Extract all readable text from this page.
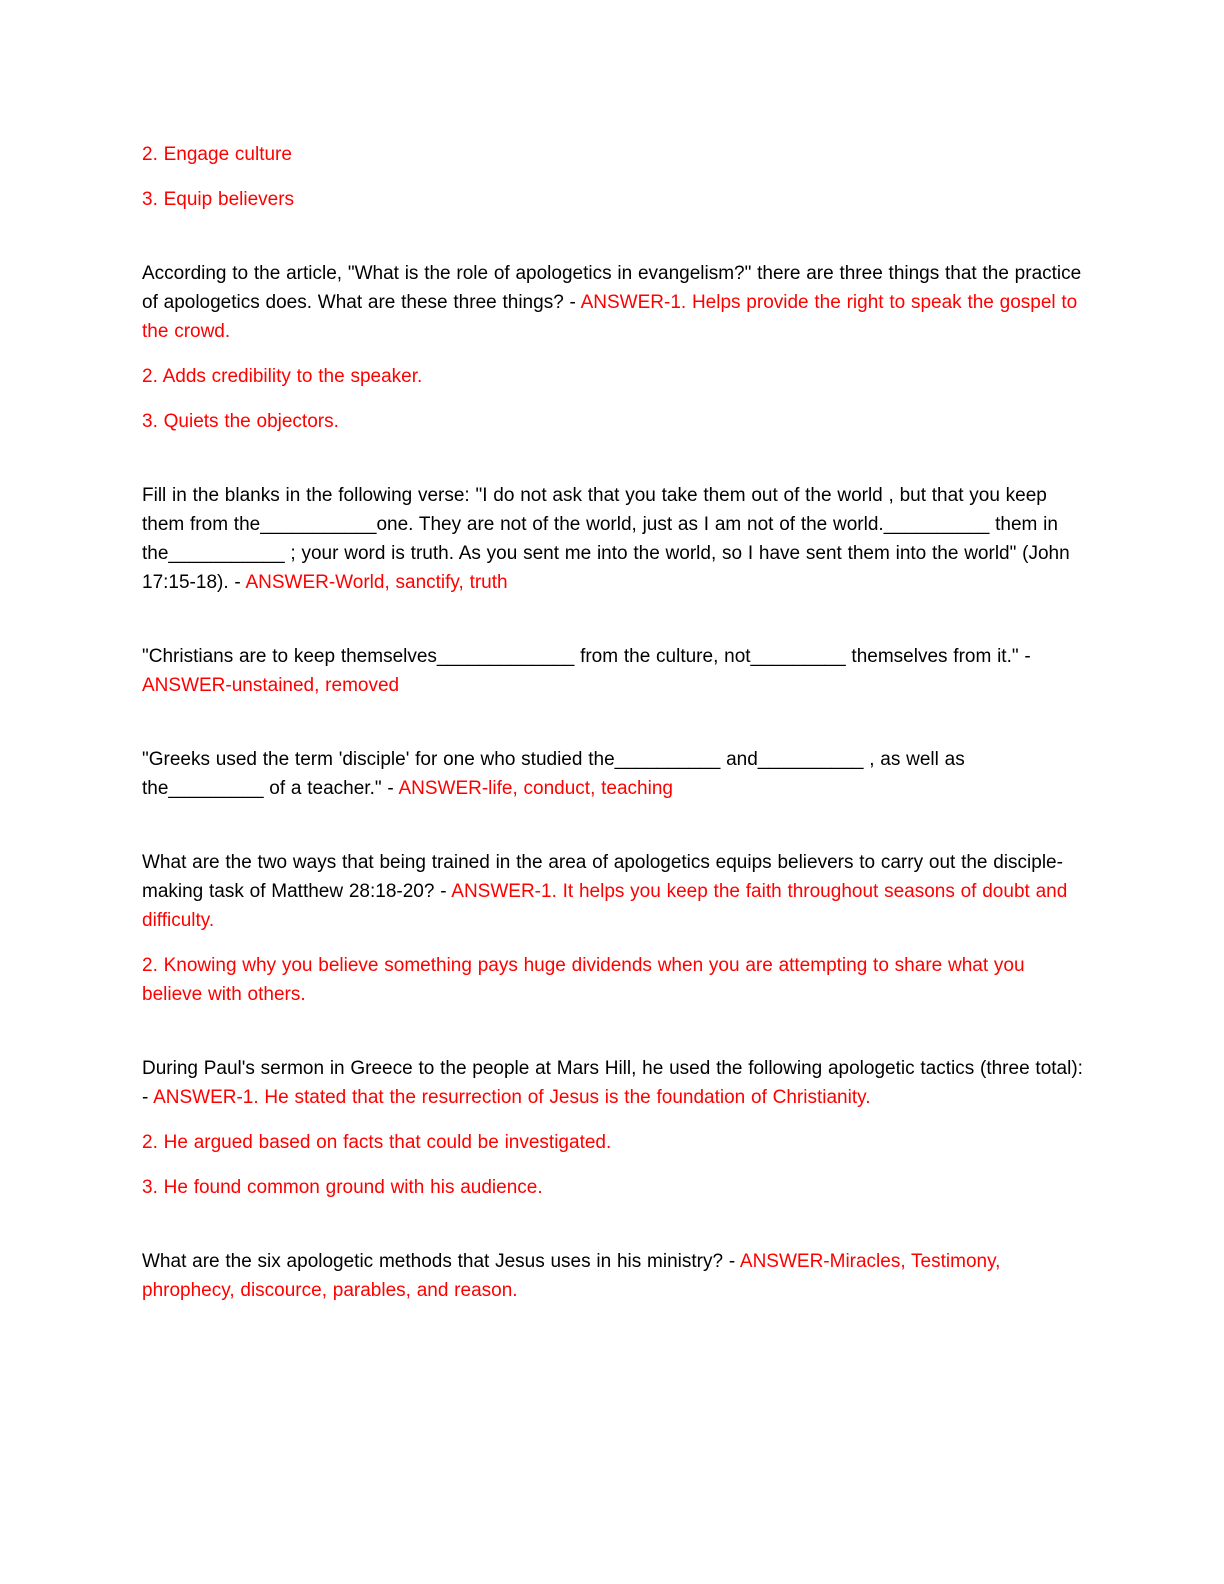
2. Engage culture

3. Equip believers

According to the article, "What is the role of apologetics in evangelism?" there are three things that the practice of apologetics does. What are these three things? - ANSWER-1. Helps provide the right to speak the gospel to the crowd.

2. Adds credibility to the speaker.

3. Quiets the objectors.

Fill in the blanks in the following verse: "I do not ask that you take them out of the world , but that you keep them from the___________one. They are not of the world, just as I am not of the world.__________ them in the___________ ; your word is truth. As you sent me into the world, so I have sent them into the world" (John 17:15-18). - ANSWER-World, sanctify, truth

"Christians are to keep themselves_____________ from the culture, not_________ themselves from it." - ANSWER-unstained, removed

"Greeks used the term 'disciple' for one who studied the__________ and__________ , as well as the_________ of a teacher." - ANSWER-life, conduct, teaching

What are the two ways that being trained in the area of apologetics equips believers to carry out the disciple-making task of Matthew 28:18-20? - ANSWER-1. It helps you keep the faith throughout seasons of doubt and difficulty.

2. Knowing why you believe something pays huge dividends when you are attempting to share what you believe with others.

During Paul's sermon in Greece to the people at Mars Hill, he used the following apologetic tactics (three total): - ANSWER-1. He stated that the resurrection of Jesus is the foundation of Christianity.

2. He argued based on facts that could be investigated.

3. He found common ground with his audience.

What are the six apologetic methods that Jesus uses in his ministry? - ANSWER-Miracles, Testimony, phrophecy, discource, parables, and reason.
